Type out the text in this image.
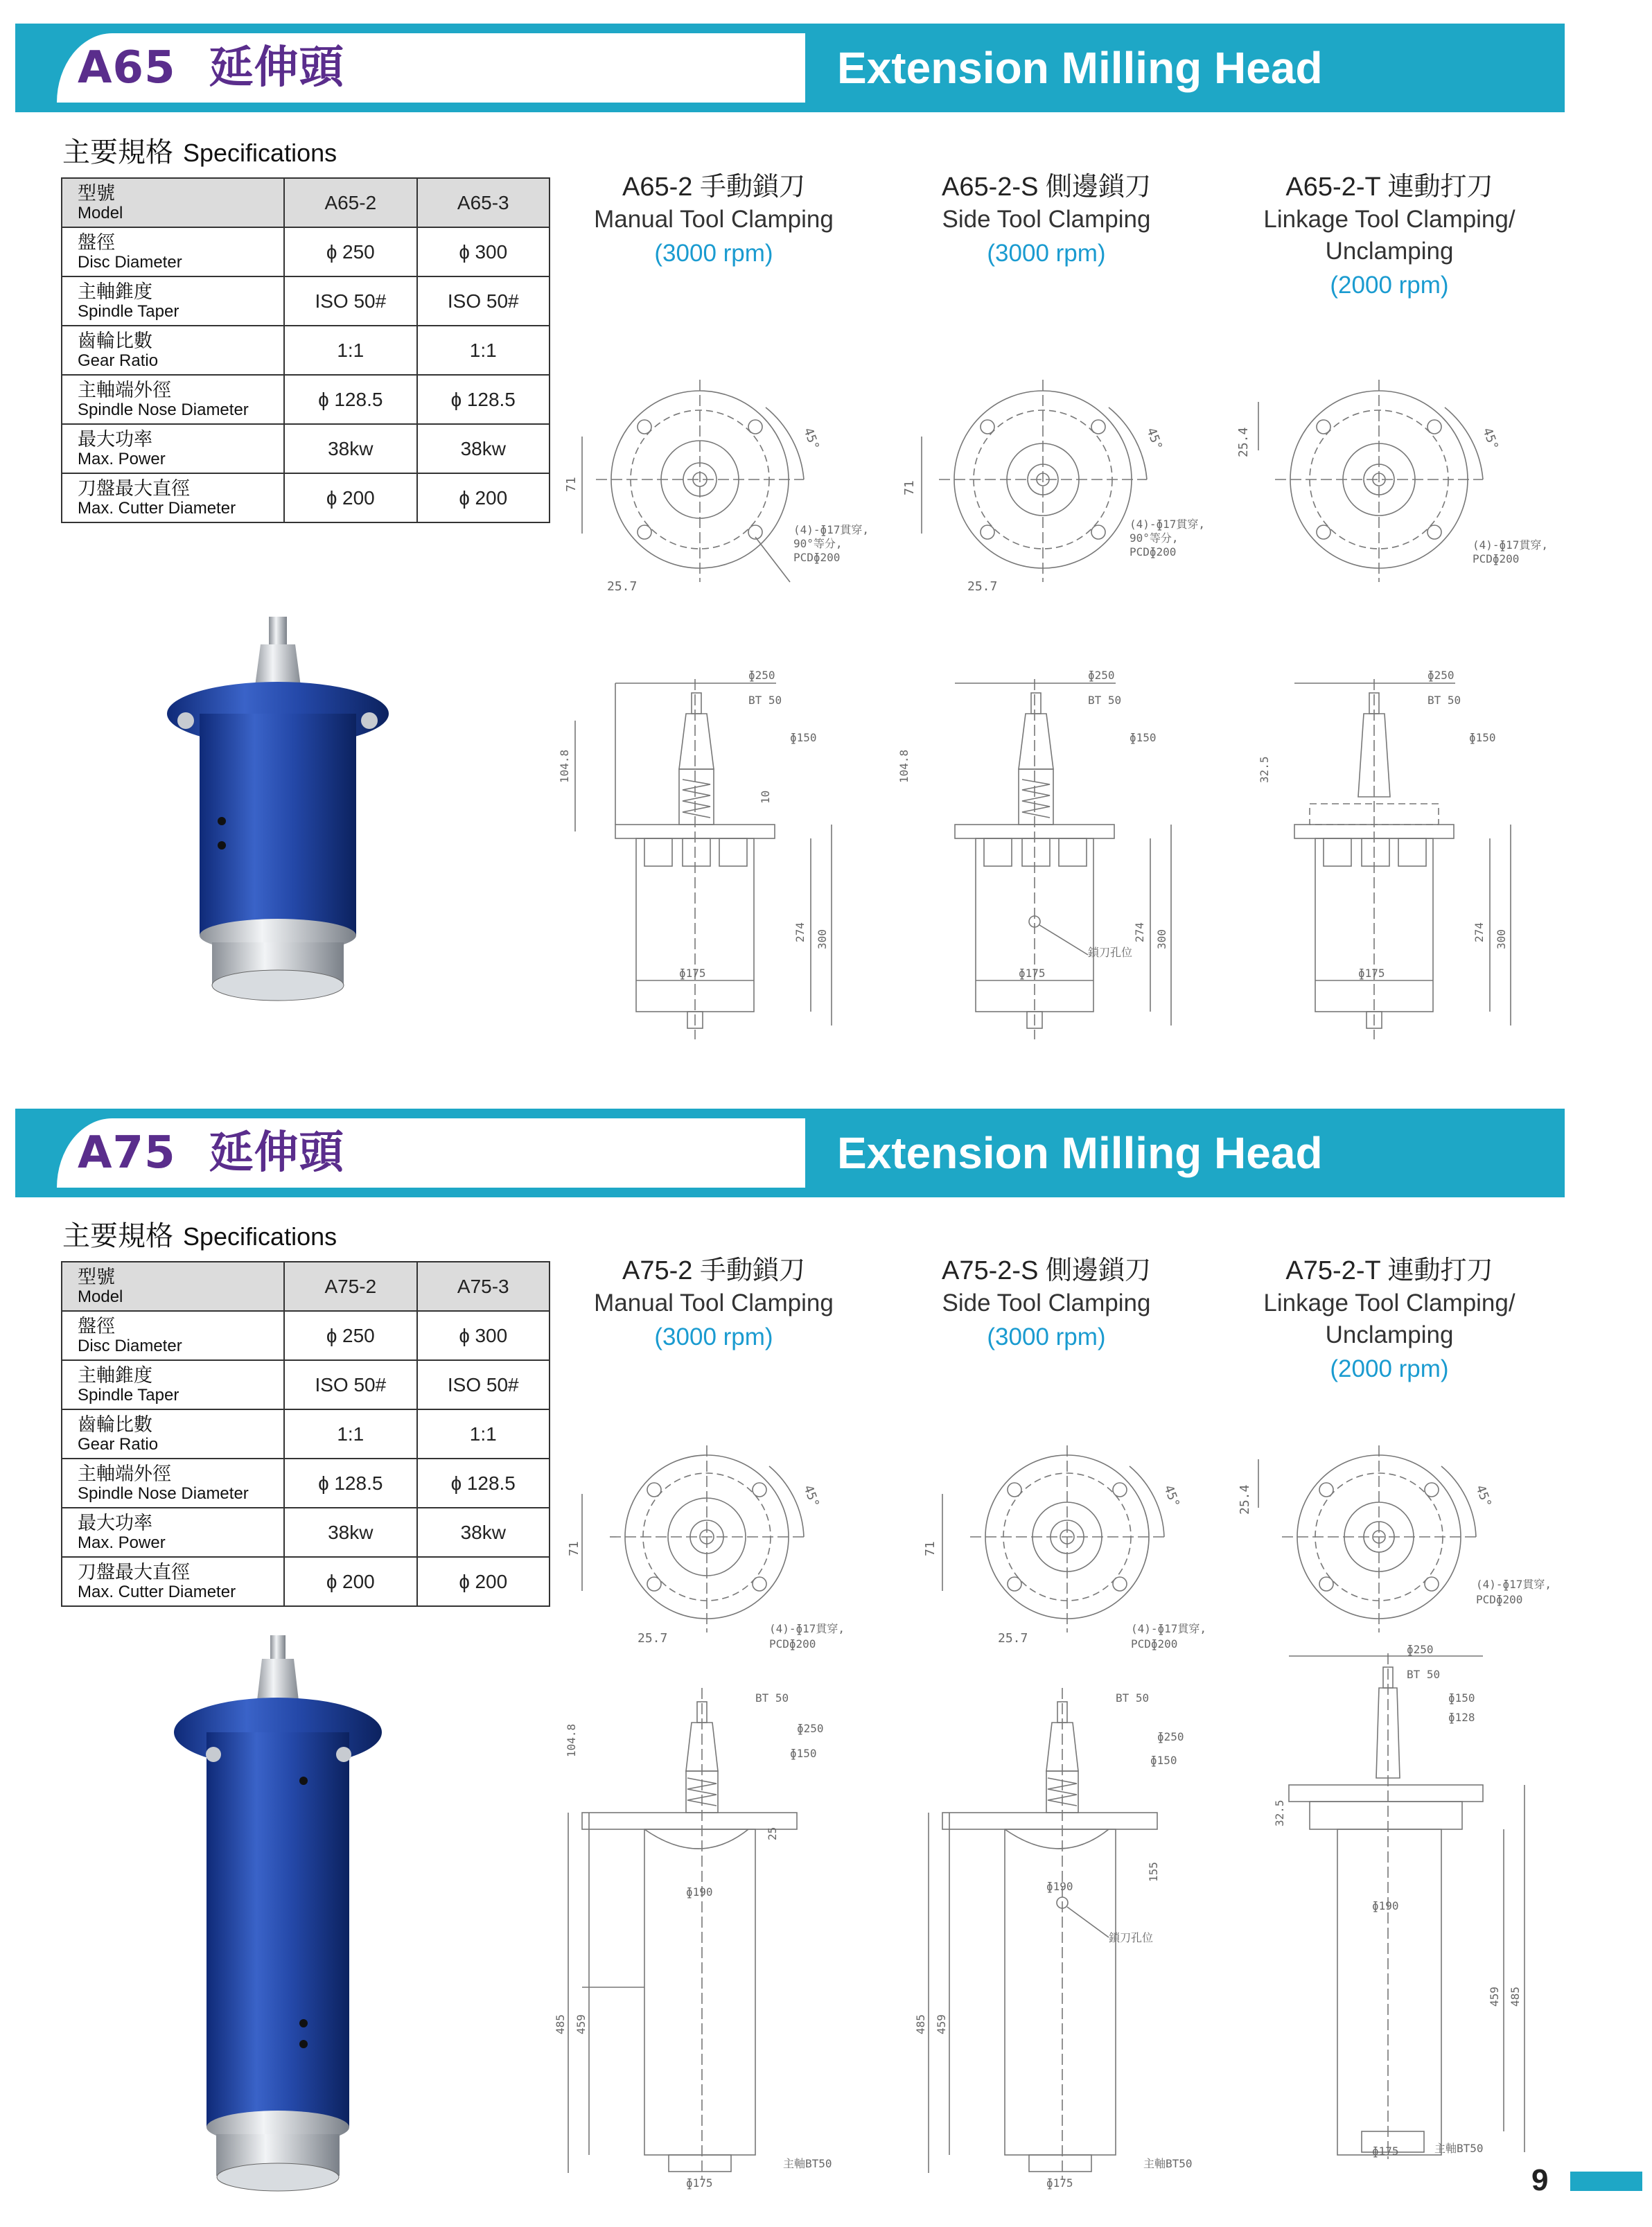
A65 延伸頭	Extension Milling Head
主要規格 Specifications
型號
Model	A65-2	A65-3

盤徑
Disc Diameter	ɸ 250	ɸ 300

主軸錐度
Spindle Taper	ISO 50#	ISO 50#

齒輪比數
Gear Ratio	1:1	1:1

主軸端外徑
Spindle Nose Diameter	ɸ 128.5	ɸ 128.5

最大功率
Max. Power	38kw	38kw

刀盤最大直徑
Max. Cutter Diameter	ɸ 200	ɸ 200
A65-2 手動鎖刀
Manual Tool Clamping
(3000 rpm)
A65-2-S 側邊鎖刀
Side Tool Clamping
(3000 rpm)
A65-2-T 連動打刀
Linkage Tool Clamping/ Unclamping
(2000 rpm)
45°
71
25.7
(4)-ɸ17貫穿,
90°等分,
PCDɸ200
45°
71
25.7
(4)-ɸ17貫穿,
90°等分,
PCDɸ200
45°
25.4
(4)-ɸ17貫穿,
PCDɸ200
ɸ250
BT 50
ɸ150
ɸ175
274 300
10
104.8
ɸ250
BT 50
ɸ150
ɸ175
鎖刀孔位
274 300
104.8
ɸ250
BT 50
ɸ150
ɸ175
274 300
32.5
A75 延伸頭	Extension Milling Head
主要規格 Specifications
型號
Model	A75-2	A75-3

盤徑
Disc Diameter	ɸ 250	ɸ 300

主軸錐度
Spindle Taper	ISO 50#	ISO 50#

齒輪比數
Gear Ratio	1:1	1:1

主軸端外徑
Spindle Nose Diameter	ɸ 128.5	ɸ 128.5

最大功率
Max. Power	38kw	38kw

刀盤最大直徑
Max. Cutter Diameter	ɸ 200	ɸ 200
A75-2 手動鎖刀
Manual Tool Clamping
(3000 rpm)
A75-2-S 側邊鎖刀
Side Tool Clamping
(3000 rpm)
A75-2-T 連動打刀
Linkage Tool Clamping/ Unclamping
(2000 rpm)
45°
71
25.7
(4)-ɸ17貫穿,
PCDɸ200
45°
71
25.7
(4)-ɸ17貫穿,
PCDɸ200
45°
25.4
(4)-ɸ17貫穿,
PCDɸ200
BT 50
ɸ250
ɸ150
ɸ190
ɸ175
25
485 459
104.8
主軸BT50
BT 50
ɸ250
ɸ150
ɸ190
ɸ175
鎖刀孔位
155
485 459
主軸BT50
ɸ250
BT 50
ɸ150
ɸ128
ɸ190
ɸ175
459 485
32.5
主軸BT50
9
